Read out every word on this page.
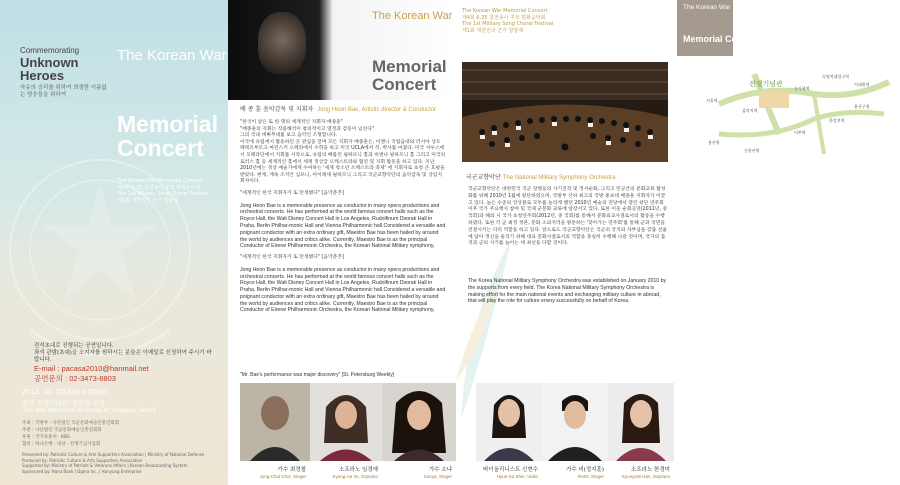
Commemorating
Unknown Heroes
자유의 승리를 위하여 희생한 이름없는 영웅들을 위하여
The Korean War
Memorial Concert
The Korean War Memorial Concert
제4회 6.25 참전용사 추모 평화음악회
The 1st Military Song Choral Festival
제1회 대한민국 군가 합창제
전석초대로 진행되는 공연입니다.
좌석 관람(초대)을 소지자를 원하시는 분들은 이메일로 신청하여 주시기 바랍니다.
E-mail : pacasa2010@hanmail.net
공연문의 : 02-3473-8803
2012. 10. 20(Sat) 6:00pm
용산 전쟁기념관 '평화의 광장'
The War Memorial of Korea in Yongsan, Seoul
주최 : 국방부 · 사단법인 국군문화예술인총연회회
주관 : 사단법인 국군문화예술인총연회회
후원 : 국가보훈처 · KBS
협찬 : 하나은행 · 대상 · 전쟁기념사업회
Presented by: Patriotic Culture & Arts Supporters Association | Ministry of National Defense
Produced by: Patriotic Culture & Arts Supporters Association
Supported by: Ministry of Patriots & Veterans Affairs | Korean Broadcasting System
Sponsored by: Hana Bank | Dgma Inc. | Hanyung Enterprise
The Korean War
Memorial Concert
배 종 훈 음악감독 및 지휘자 Jong Hoon Bae, Artistic director & Conductor

"한국이 낳은 또 한 명의 세계적인 지휘자 배종훈"
"배종훈의 지휘는 작품해석이 창의적이고 열정과 감동이 넘친다"
그의 국내 데뷔무대를 보고 음악인 조형합니다.
이국에 유럽에서 활동하던 곳 관심을 끌며 모든 지휘자 배종훈은, 이젠니 국립음대와 러시아 상트 페테르부르크 마린스키 오페라에서 수학을 하고 미국 UCLA에서 석, 박사를 마쳤다. 미국 샤우스에서 모페라단에서 지휘를 시작으로, 유럽의 베를린 필하모닉 홀과 비엔나 필하모닉 홀 그리고 미국의 로러스 홀 등 세계적인 홀에서 세계 정상급 오케스트라와 협연 및 지휘 활동을 하고 있다. 지난 2010년에는 정상 예술가에게 수여하는 '세계 청소년 오케스트라 축제' 에 지휘자로 초청 큰 호평을 받았다. 현재, 재독 조지안 심포니, 아이레세 필하모닉 그리고 국군교향악단의 음악감독 및 상임지휘자이다.

"세계적인 한국 지휘자가 또 탄생했다" [음악춘추]

Jong Hoon Bae is a memorable presence as conductor in many opera productions and orchestral concerts. He has performed at the world famous concert halls such as the Royce Hall, the Walt Disney Concert Hall in Los Angeles, Rudolfinum Dvorak Hall in Praha, Berlin Philhar-monic Hall and Vienna Philharmonic hall.Considered a versatile and poignant conductor with an extra ordinary gift, Maestro Bae has been hailed by around the world by audiences and critics alike. Currently, Maestro Bae is as the principal Conductor of Eirene Philharmonic Orchestra, the Korean National Military symphony,

"세계적인 한국 지휘자가 또 탄생했다" [음악춘추]

Jong Hoon Bae is a memorable presence as conductor in many opera productions and orchestral concerts. He has performed at the world famous concert halls such as the Royce Hall, the Walt Disney Concert Hall in Los Angeles, Rudolfinum Dvorak Hall in Praha, Berlin Philhar-monic Hall and Vienna Philharmonic hall.Considered a versatile and poignant conductor with an extra ordinary gift, Maestro Bae has been hailed by around the world by audiences and critics alike. Currently, Maestro Bae is as the principal Conductor of Eirene Philharmonic Orchestra, the Korean National Military symphony,

"Mr. Bae's performance was major discovery" [St. Petersburg Weekly]
The Korean War Memorial Concert
제4회 6.25 참전용사 추모 평화음악회
The 1st Military Song Choral Festival
제1회 대한민국 군가 합창제
국군교향악단 The National Military Symphony Orchestra
국군교향악단은 대한민국 국군 장병들의 사기진작 및 정서순화, 그리고 민군간의 문화교류 활성화를 위해 2010년 1월에 창단하였으며, 국방부 산하 최고의 국방 홍보대 배종훈 지휘자가 이끌고 있다. 높은 수준의 앙상블로 모두를 놀라게 했던 2010년 예술의 전당에서 열린 창단 연주회 이후 국가 주요행사 참여 및 국제 군문화 교류에 앞장서고 있다. 또한 이웃 순회공연(2011년, 중 국회)과 해외 시 국가 초청연주회(2012년, 중 국회)를 통해서 문화외교사절로서의 활동을 수행하였다. 또한 각 군 최정 정본, 문화 소외지역을 방문하는 '찾아가는 연주회'를 통해 군과 국민을 연결시키는 다리 역할을 하고 있다. 앞으로도 국군교향악단은 국군의 궁지와 자부심을 갖출 선율에 담아 정신을 울리기 위해 대표 문화사절로서의 역할을 충실히 수행해 나갈 것이며, 국가의 품격과 군의 사기를 높이는 데 최선을 다할 것이다.
The Korea National Military Symphony Orchestra was established on January 2010 by the supports from every field. The Korea National Military Symphony Orchestra is making effort for the main national events and exchanging military culture in abroad, that will play the role for culture envoy successfully on behalf of Korea.
The Korean War
Memorial Concert
전쟁기념관
서울역
삼각지역
녹사평역
숙명여대입구역
이태원역
용산역
신용산역
이촌역
한강진역
용산구청
가수 최정철
Jung-Chul Choi, Singer
소프라노 임경애
Kyung-Ae Im, Soprano
가수 소냐
Sonya, Singer
바이올리니스트 신현수
Hyun-Su Shin, Violin
가수 비(정지훈)
RAIN, Singer
소프라노 한경미
Kyung-Mi Han, Soprano
